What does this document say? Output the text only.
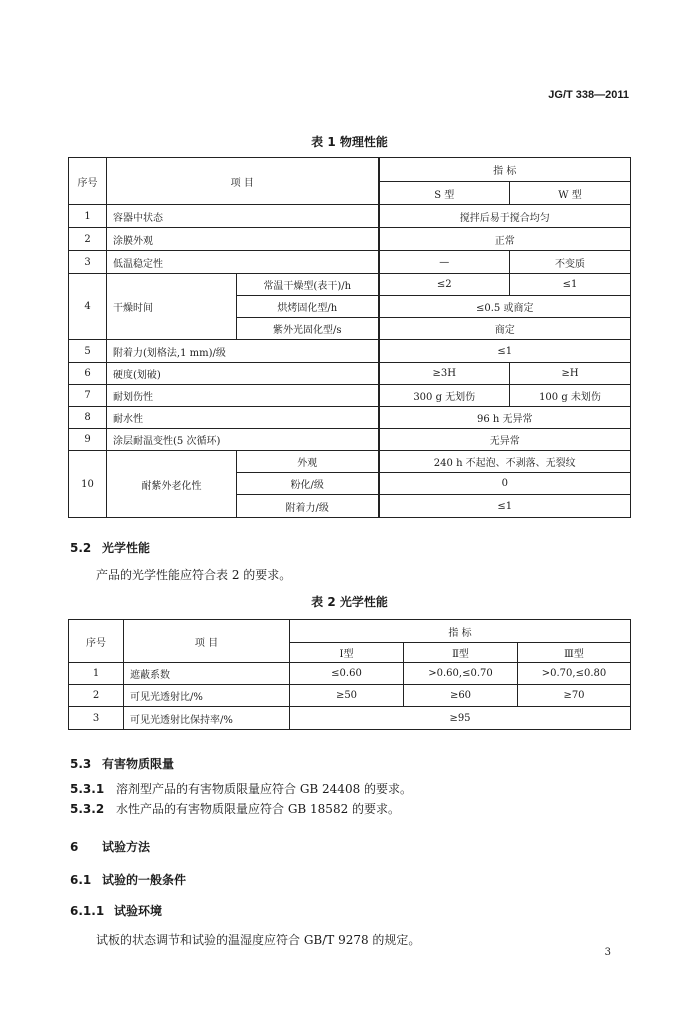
JG/T 338—2011
表 1 物理性能
序号	项 目		指 标	
			S 型	W 型
1	容器中状态		搅拌后易于搅合均匀	
2	涂膜外观		正常	
3	低温稳定性		—	不变质
4	干燥时间	常温干燥型(表干)/h	≤2	≤1
		烘烤固化型/h	≤0.5 或商定	
		紫外光固化型/s	商定	
5	附着力(划格法,1 mm)/级		≤1	
6	硬度(划破)		≥3H	≥H
7	耐划伤性		300 g 无划伤	100 g 未划伤
8	耐水性		96 h 无异常	
9	涂层耐温变性(5 次循环)		无异常	
10	耐紫外老化性	外观	240 h 不起泡、不剥落、无裂纹	
		粉化/级	0	
		附着力/级	≤1	
5.2 光学性能
产品的光学性能应符合表 2 的要求。
表 2 光学性能
序号	项 目	指 标		
		Ⅰ型	Ⅱ型	Ⅲ型
1	遮蔽系数	≤0.60	>0.60,≤0.70	>0.70,≤0.80
2	可见光透射比/%	≥50	≥60	≥70
3	可见光透射比保持率/%	≥95		
5.3 有害物质限量
5.3.1 溶剂型产品的有害物质限量应符合 GB 24408 的要求。
5.3.2 水性产品的有害物质限量应符合 GB 18582 的要求。
6 试验方法
6.1 试验的一般条件
6.1.1 试验环境
试板的状态调节和试验的温湿度应符合 GB/T 9278 的规定。
3
